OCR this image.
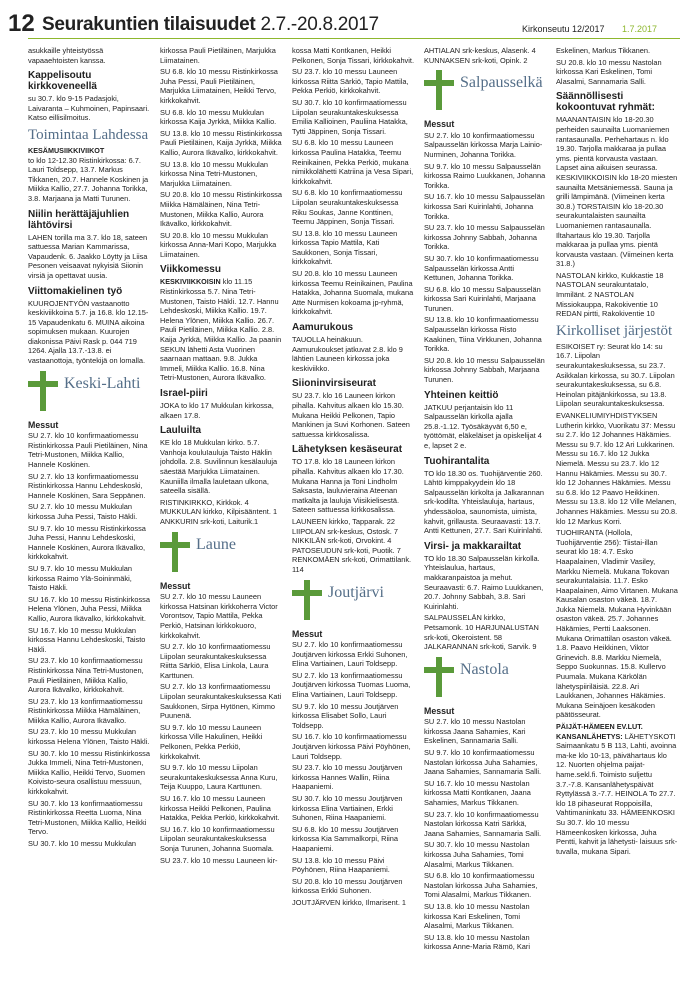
12 Seurakuntien tilaisuudet 2.7.-20.8.2017	Kirkonseutu 12/2017 1.7.2017

asukkaille yhteistyössä vapaaehtoisten kanssa.

Kappelisoutu kirkkoveneellä

su 30.7. klo 9-15 Padasjoki, Laivaranta – Kuhmoinen, Papinsaari. Katso eillisilmoitus.

Toimintaa Lahdessa

KESÄMUSIIKKIVIIKOT
to klo 12-12.30 Ristinkirkossa: 6.7. Lauri Toldsepp, 13.7. Markus Tikkanen, 20.7. Hannele Koskinen ja Miikka Kallio, 27.7. Johanna Torikka, 3.8. Marjaana ja Matti Turunen.

Niilin herättäjäjuhlien lähtövirsi

LAHEN torilla ma 3.7. klo 18, sateen sattuessa Marian Kammarissa, Vapaudenk. 6. Jaakko Löytty ja Liisa Pesonen veisaavat nykyisiä Siionin virsiä ja opettavat uusia.

Viittomakielinen työ

KUUROJENTYÖN vastaanotto keskiviikkoina 5.7. ja 16.8. klo 12.15-15 Vapaudenkatu 6. MUINA aikoina sopimuksen mukaan. Kuurojen diakonissa Päivi Rask p. 044 719 1264. Ajalla 13.7.-13.8. ei vastaanottoja, työntekijä on lomalla.

Keski-Lahti
Messut

SU 2.7. klo 10 konfirmaatiomessu Ristinkirkossa Pauli Pietiläinen, Nina Tetri-Mustonen, Miikka Kallio, Hannele Koskinen.

SU 2.7. klo 13 konfirmaatiomessu Ristinkirkossa Hannu Lehdeskoski, Hannele Koskinen, Sara Seppänen.

SU 2.7. klo 10 messu Mukkulan kirkossa Juha Pessi, Taisto Häkli.

SU 9.7. klo 10 messu Ristinkirkossa Juha Pessi, Hannu Lehdeskoski, Hannele Koskinen, Aurora Ikävalko, kirkkokahvit.

SU 9.7. klo 10 messu Mukkulan kirkossa Raimo Ylä-Soininmäki, Taisto Häkli.

SU 16.7. klo 10 messu Ristinkirkossa Helena Ylönen, Juha Pessi, Miikka Kallio, Aurora Ikävalko, kirkkokahvit.

SU 16.7. klo 10 messu Mukkulan kirkossa Hannu Lehdeskoski, Taisto Häkli.

SU 23.7. klo 10 konfirmaatiomessu Ristinkirkossa Nina Tetri-Mustonen, Pauli Pietiläinen, Miikka Kallio, Aurora Ikävalko, kirkkokahvit.

SU 23.7. klo 13 konfirmaatiomessu Ristinkirkossa Miikka Hämäläinen, Miikka Kallio, Aurora Ikävalko.

SU 23.7. klo 10 messu Mukkulan kirkossa Helena Ylönen, Taisto Häkli.

SU 30.7. klo 10 messu Ristinkirkossa Jukka Immeli, Nina Tetri-Mustonen, Miikka Kallio, Heikki Tervo, Suomen Koivisto-seura osallistuu messuun, kirkkokahvit.

SU 30.7. klo 13 konfirmaatiomessu Ristinkirkossa Reetta Luoma, Nina Tetri-Mustonen, Miikka Kallio, Heikki Tervo.

SU 30.7. klo 10 messu Mukkulan

kirkossa Pauli Pietiläinen, Marjukka Liimatainen.

SU 6.8. klo 10 messu Ristinkirkossa Juha Pessi, Pauli Pietiläinen, Marjukka Liimatainen, Heikki Tervo, kirkkokahvit.

SU 6.8. klo 10 messu Mukkulan kirkossa Kaija Jyrkkä, Miikka Kallio.

SU 13.8. klo 10 messu Ristinkirkossa Pauli Pietiläinen, Kaija Jyrkkä, Miikka Kallio, Aurora Ikävalko, kirkkokahvit.

SU 13.8. klo 10 messu Mukkulan kirkossa Nina Tetri-Mustonen, Marjukka Liimatainen.

SU 20.8. klo 10 messu Ristinkirkossa Miikka Hämäläinen, Nina Tetri-Mustonen, Miikka Kallio, Aurora Ikävalko, kirkkokahvit.

SU 20.8. klo 10 messu Mukkulan kirkossa Anna-Mari Kopo, Marjukka Liimatainen.

Viikkomessu

KESKIVIIKKOISIN klo 11.15 Ristinkirkossa 5.7. Nina Tetri-Mustonen, Taisto Häkli. 12.7. Hannu Lehdeskoski, Miikka Kallio. 19.7. Helena Ylönen, Miikka Kallio. 26.7. Pauli Pietiläinen, Miikka Kallio. 2.8. Kaija Jyrkkä, Miikka Kallio. Ja paanin SEKUN lähetti Asta Vuorinen saarnaan mattaan. 9.8. Jukka Immeli, Miikka Kallio. 16.8. Nina Tetri-Mustonen, Aurora Ikävalko.

Israel-piiri

JOKA to klo 17 Mukkulan kirkossa, alkaen 17.8.

Lauluilta

KE klo 18 Mukkulan kirko. 5.7. Vanhoja kouluIauluja Taisto Häklin johdolla. 2.8. Suvilinnun kesälauluja säestää Marjukka Liimatainen. Kauniilla ilmalla lauletaan ulkona, sateella sisällä.

RISTINKIRKKO, Kirkkok. 4 MUKKULAN kirkko, Kilpisääntent. 1 ANKKURIN srk-koti, Laiturik.1

Laune
Messut

SU 2.7. klo 10 messu Launeen kirkossa Hatsinan kirkkoherra Victor Vorontsov, Tapio Mattila, Pekka Perkiö, Hatsinan kirkkokuoro, kirkkokahvit.

SU 2.7. klo 10 konfirmaatiomessu Liipolan seurakuntakeskuksessa Riitta Särkiö, Elisa Linkola, Laura Karttunen.

SU 2.7. klo 13 konfirmaatiomessu Liipolan seurakuntakeskuksessa Kati Saukkonen, Sirpa Hytönen, Kimmo Puunenä.

SU 9.7. klo 10 messu Launeen kirkossa Ville Hakulinen, Heikki Pelkonen, Pekka Perkiö, kirkkokahvit.

SU 9.7. klo 10 messu Liipolan seurakuntakeskuksessa Anna Kuru, Teija Kuuppo, Laura Karttunen.

SU 16.7. klo 10 messu Launeen kirkossa Heikki Pelkonen, Paulina Hatakka, Pekka Perkiö, kirkkokahvit.

SU 16.7. klo 10 konfirmaatiomessu Liipolan seurakuntakeskuksessa Sonja Turunen, Johanna Suomala.

SU 23.7. klo 10 messu Launeen kir-

kossa Matti Kontkanen, Heikki Pelkonen, Sonja Tissari, kirkkokahvit.

SU 23.7. klo 10 messu Launeen kirkossa Riitta Särkiö, Tapio Mattila, Pekka Perkiö, kirkkokahvit.

SU 30.7. klo 10 konfirmaatiomessu Liipolan seurakuntakeskuksessa Emilia Kallioinen, Pauliina Hatakka, Tytti Jäppinen, Sonja Tissari.

SU 6.8. klo 10 messu Launeen kirkossa Paulina Hatakka, Teemu Reinikainen, Pekka Perkiö, mukana nimikkolähetti Katriina ja Vesa Sipari, kirkkokahvit.

SU 6.8. klo 10 konfirmaatiomessu Liipolan seurakuntakeskuksessa Riku Soukas, Janne Konttinen, Teemu Jäppinen, Sonja Tissari.

SU 13.8. klo 10 messu Launeen kirkossa Tapio Mattila, Kati Saukkonen, Sonja Tissari, kirkkokahvit.

SU 20.8. klo 10 messu Launeen kirkossa Teemu Reinikainen, Paulina Hatakka, Johanna Suomala, mukana Atte Nurmisen kokoama jp-ryhmä, kirkkokahvit.

Aamurukous

TAUOLLA heinäkuun. Aamurukoukset jatkuvat 2.8. klo 9 lähtien Launeen kirkossa joka keskiviikko.

Siioninvirsiseurat

SU 23.7. klo 16 Launeen kirkon pihalla. Kahvitus alkaen klo 15.30. Mukana Heikki Pelkonen, Tapio Mankinen ja Suvi Korhonen. Sateen sattuessa kirkkosalissa.

Lähetyksen kesäseurat

TO 17.8. klo 18 Launeen kirkon pihalla. Kahvitus alkaen klo 17.30. Mukana Hanna ja Toni Lindholm Saksasta, lauluvieraina Ateenan matkalta ja lauluja Viisikielisestä. Sateen sattuessa kirkkosalissa.

LAUNEEN kirkko, Tapparak. 22 LIIPOLAN srk-keskus, Ostosk. 7 NIKKILÄN srk-koti, Orvokint. 4 PATOSEUDUN srk-koti, Puotik. 7 RENKOMÄEN srk-koti, Orimattilank. 114

Joutjärvi
Messut

SU 2.7. klo 10 konfirmaatiomessu Joutjärven kirkossa Erkki Suhonen, Elina Vartiainen, Lauri Toldsepp.

SU 2.7. klo 13 konfirmaatiomessu Joutjärven kirkossa Tuomas Luoma, Elina Vartiainen, Lauri Toldsepp.

SU 9.7. klo 10 messu Joutjärven kirkossa Elisabet Sollo, Lauri Toldsepp.

SU 16.7. klo 10 konfirmaatiomessu Joutjärven kirkossa Päivi Pöyhönen, Lauri Toldsepp.

SU 23.7. klo 10 messu Joutjärven kirkossa Hannes Wallin, Riina Haapaniemi.

SU 30.7. klo 10 messu Joutjärven kirkossa Elina Vartiainen, Erkki Suhonen, Riina Haapaniemi.

SU 6.8. klo 10 messu Joutjärven kirkossa Kia Sammalkorpi, Riina Haapaniemi.

SU 13.8. klo 10 messu Päivi Pöyhönen, Riina Haapaniemi.

SU 20.8. klo 10 messu Joutjärven kirkossa Erkki Suhonen.

JOUTJÄRVEN kirkko, Ilmarisent. 1

AHTIALAN srk-keskus, Alasenk. 4 KUNNAKSEN srk-koti, Opink. 2

Salpausselkä
Messut

SU 2.7. klo 10 konfirmaatiomessu Salpausselän kirkossa Marja Lainio-Nurminen, Johanna Torikka.

SU 9.7. klo 10 messu Salpausselän kirkossa Raimo Luukkanen, Johanna Torikka.

SU 16.7. klo 10 messu Salpausselän kirkossa Sari Kuirinlahti, Johanna Torikka.

SU 23.7. klo 10 messu Salpausselän kirkossa Johnny Sabbah, Johanna Torikka.

SU 30.7. klo 10 konfirmaatiomessu Salpausselän kirkossa Antti Kettunen, Johanna Torikka.

SU 6.8. klo 10 messu Salpausselän kirkossa Sari Kuirinlahti, Marjaana Turunen.

SU 13.8. klo 10 konfirmaatiomessu Salpausselän kirkossa Risto Kaakinen, Tiina Virkkunen, Johanna Torikka.

SU 20.8. klo 10 messu Salpausselän kirkossa Johnny Sabbah, Marjaana Turunen.

Yhteinen keittiö

JATKUU perjantaisin klo 11 Salpausselän kirkolla ajalla 25.8.-1.12. Työsäkäyvät 6,50 e, työttömät, eläkeläiset ja opiskelijat 4 e, lapset 2 e.

Tuohirantalita

TO klo 18.30 os. Tuohijärventie 260. Lähtö kimppakyydein klo 18 Salpausselän kirkolta ja Jalkarannan srk-kodilta. Yhteislauluja, hartaus, yhdessäoloa, saunomista, uimista, kahvit, grillausta. Seuraavasti: 13.7. Antti Kettunen, 27.7. Sari Kuirinlahti.

Virsi- ja makkarailtat

TO klo 18.30 Salpausselän kirkolla. Yhteislaulua, hartaus, makkaranpaistoa ja mehut. Seuraavasti: 6.7. Raimo Luukkanen, 20.7. Johnny Sabbah, 3.8. Sari Kuirinlahti.

SALPAUSSELÄN kirkko, Petsamonk. 10 HARJUNALUSTAN srk-koti, Okeroistent. 58 JALKARANNAN srk-koti, Sarvik. 9

Nastola
Messut

SU 2.7. klo 10 messu Nastolan kirkossa Jaana Sahamies, Kari Eskelinen, Sannamaria Salli.

SU 9.7. klo 10 konfirmaatiomessu Nastolan kirkossa Juha Sahamies, Jaana Sahamies, Sannamaria Salli.

SU 16.7. klo 10 messu Nastolan kirkossa Matti Kontkanen, Jaana Sahamies, Markus Tikkanen.

SU 23.7. klo 10 konfirmaatiomessu Nastolan kirkossa Katri Särkkä, Jaana Sahamies, Sannamaria Salli.

SU 30.7. klo 10 messu Nastolan kirkossa Juha Sahamies, Tomi Alasalmi, Markus Tikkanen.

SU 6.8. klo 10 konfirmaatiomessu Nastolan kirkossa Juha Sahamies, Tomi Alasalmi, Markus Tikkanen.

SU 13.8. klo 10 messu Nastolan kirkossa Kari Eskelinen, Tomi Alasalmi, Markus Tikkanen.

SU 13.8. klo 10 messu Nastolan kirkossa Anne-Maria Rämö, Kari

Eskelinen, Markus Tikkanen.

SU 20.8. klo 10 messu Nastolan kirkossa Kari Eskelinen, Tomi Alasalmi, Sannamaria Salli.

Säännöllisesti kokoontuvat ryhmät:

MAANANTAISIN klo 18-20.30 perheiden saunailta Luomaniemen rantasaunalla. Perhehartaus n. klo 19.30. Tarjolla makkaraa ja pullaa yms. pientä korvausta vastaan. Lapset aina aikuisen seurassa. KESKIVIIKKOISIN klo 18-20 miesten saunailta Metsäniemessä. Sauna ja grilli lämpimänä. (Viimeinen kerta 30.8.) TORSTAISIN klo 18-20.30 seurakuntalaisten saunailta Luomaniemen rantasaunalla. Iltahartaus klo 19.30. Tarjolla makkaraa ja pullaa yms. pientä korvausta vastaan. (Viimeinen kerta 31.8.)

NASTOLAN kirkko, Kukkastie 18 NASTOLAN seurakuntatalo, Immilänt. 2 NASTOLAN Missiokauppa, Rakokiventie 10 REDAN pirtti, Rakokiventie 10

Kirkolliset järjestöt

ESIKOISET ry: Seurat klo 14: su 16.7. Liipolan seurakuntakeskuksessa, su 23.7. Asikkalan kirkossa, su 30.7. Liipolan seurakuntakeskuksessa, su 6.8. Heinolan pitäjänkirkossa, su 13.8. Liipolan seurakuntakeskuksessa.

EVANKELIUMIYHDISTYKSEN Lutherin kirkko, Vuorikatu 37: Messu su 2.7. klo 12 Johannes Häkämies. Messu su 9.7. klo 12 Ari Lukkarinen. Messu su 16.7. klo 12 Jukka Niemelä. Messu su 23.7. klo 12 Hannu Häkämies. Messu su 30.7. klo 12 Johannes Häkämies. Messu su 6.8. klo 12 Paavo Heikkinen. Messu su 13.8. klo 12 Ville Melanen, Johannes Häkämies. Messu su 20.8. klo 12 Markus Korri.

TUOHIRANTA (Hollola, Tuohijärventie 256): Tiistai-illan seurat klo 18: 4.7. Esko Haapalainen, Vladimir Vasiley, Markku Niemelä. Mukana Tokovan seurakuntalaisia. 11.7. Esko Haapalainen, Aimo Virtanen. Mukana Kausalan osaston väkeä. 18.7. Jukka Niemelä. Mukana Hyvinkään osaston väkeä. 25.7. Johannes Häkämies, Pertti Laaksonen. Mukana Orimattilan osaston väkeä. 1.8. Paavo Heikkinen, Viktor Grinevich. 8.8. Markku Niemelä, Seppo Suokunnas. 15.8. Kullervo Puumala. Mukana Kärkölän lähetyspiiriläisiä. 22.8. Ari Laukkanen, Johannes Häkämies. Mukana Seinäjoen kesäkoden päätösseurat.

PÄIJÄT-HÄMEEN EV.LUT. KANSANLÄHETYS: LÄHETYSKOTI Saimaankatu 5 B 113, Lahti, avoinna ma-ke klo 10-13, päivähartaus klo 12. Nuorten ohjelma paijat-hame.sekl.fi. Toimisto suljettu 3.7.-7.8. Kansanlähetyspäivät Ryttylässä 3.-7.7. HEINOLA To 27.7. klo 18 pihaseurat Roppoisilla, Vahtimaninkatu 33. HÄMEENKOSKI Su 30.7. klo 10 messu Hämeenkosken kirkossa, Juha Pentti, kahvit ja lähetysti- laisuus srk-tuvalla, mukana Sipari.
